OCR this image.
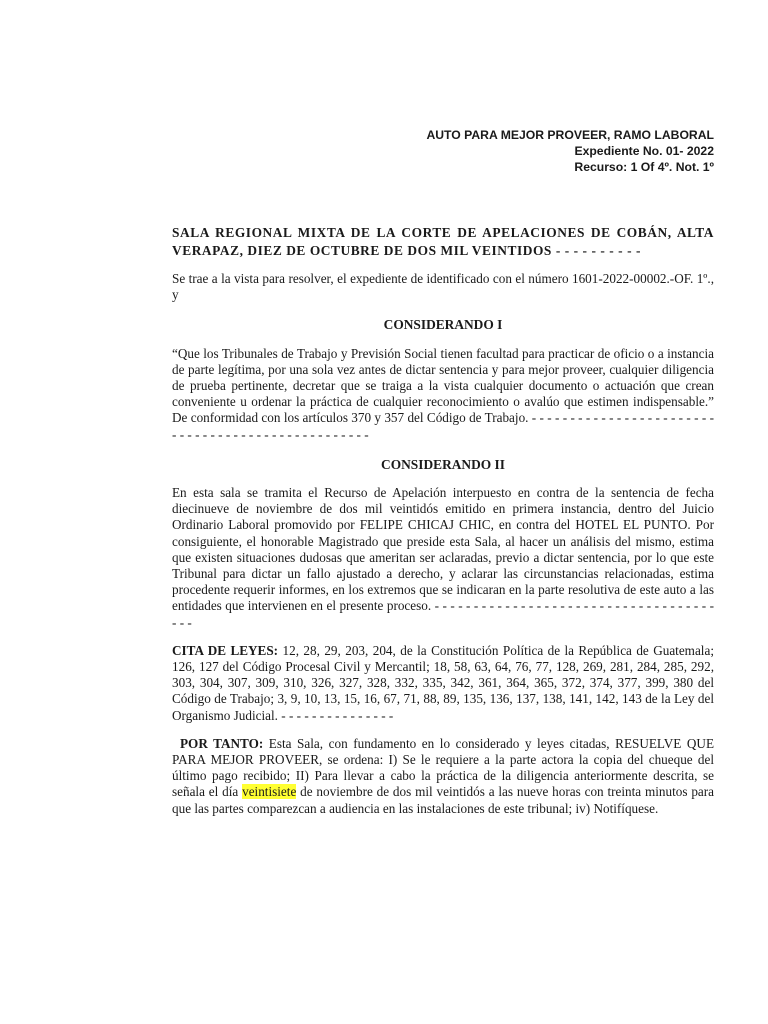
AUTO PARA MEJOR PROVEER, RAMO LABORAL
Expediente No. 01- 2022
Recurso: 1 Of 4º. Not. 1º

SALA REGIONAL MIXTA DE LA CORTE DE APELACIONES DE COBÁN, ALTA VERAPAZ, DIEZ DE OCTUBRE DE DOS MIL VEINTIDOS - - - - - - - - - -

Se trae a la vista para resolver, el expediente de identificado con el número 1601-2022-00002.-OF. 1º., y

CONSIDERANDO I

“Que los Tribunales de Trabajo y Previsión Social tienen facultad para practicar de oficio o a instancia de parte legítima, por una sola vez antes de dictar sentencia y para mejor proveer, cualquier diligencia de prueba pertinente, decretar que se traiga a la vista cualquier documento o actuación que crean conveniente u ordenar la práctica de cualquier reconocimiento o avalúo que estimen indispensable.” De conformidad con los artículos 370 y 357 del Código de Trabajo. - - - - - - - - - - - - - - - - - - - - - - - - - - - - - - - - - - - - - - - - - - - - - - - - - -

CONSIDERANDO II

En esta sala se tramita el Recurso de Apelación interpuesto en contra de la sentencia de fecha diecinueve de noviembre de dos mil veintidós emitido en primera instancia, dentro del Juicio Ordinario Laboral promovido por FELIPE CHICAJ CHIC, en contra del HOTEL EL PUNTO. Por consiguiente, el honorable Magistrado que preside esta Sala, al hacer un análisis del mismo, estima que existen situaciones dudosas que ameritan ser aclaradas, previo a dictar sentencia, por lo que este Tribunal para dictar un fallo ajustado a derecho, y aclarar las circunstancias relacionadas, estima procedente requerir informes, en los extremos que se indicaran en la parte resolutiva de este auto a las entidades que intervienen en el presente proceso. - - - - - - - - - - - - - - - - - - - - - - - - - - - - - - - - - - - - - - -

CITA DE LEYES: 12, 28, 29, 203, 204, de la Constitución Política de la República de Guatemala; 126, 127 del Código Procesal Civil y Mercantil; 18, 58, 63, 64, 76, 77, 128, 269, 281, 284, 285, 292, 303, 304, 307, 309, 310, 326, 327, 328, 332, 335, 342, 361, 364, 365, 372, 374, 377, 399, 380 del Código de Trabajo; 3, 9, 10, 13, 15, 16, 67, 71, 88, 89, 135, 136, 137, 138, 141, 142, 143 de la Ley del Organismo Judicial. - - - - - - - - - - - - - - -

POR TANTO: Esta Sala, con fundamento en lo considerado y leyes citadas, RESUELVE QUE PARA MEJOR PROVEER, se ordena: I) Se le requiere a la parte actora la copia del chueque del último pago recibido; II) Para llevar a cabo la práctica de la diligencia anteriormente descrita, se señala el día veintisiete de noviembre de dos mil veintidós a las nueve horas con treinta minutos para que las partes comparezcan a audiencia en las instalaciones de este tribunal; iv) Notifíquese.
